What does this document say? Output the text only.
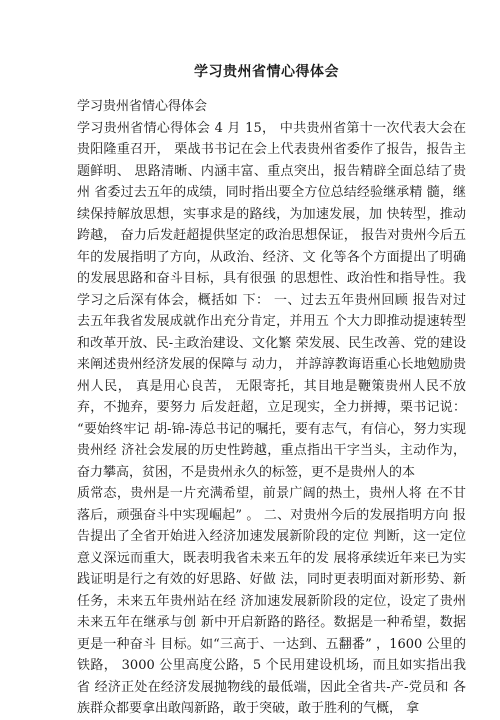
学习贵州省情心得体会

学习贵州省情心得体会

学习贵州省情心得体会 4 月 15， 中共贵州省第十一次代表大会在贵阳隆重召开， 栗战书书记在会上代表贵州省委作了报告，报告主题鲜明、 思路清晰、内涵丰富、重点突出，报告精辟全面总结了贵州 省委过去五年的成绩，同时指出要全方位总结经验继承精 髓，继续保持解放思想，实事求是的路线，为加速发展，加 快转型，推动跨越， 奋力后发赶超提供坚定的政治思想保证， 报告对贵州今后五年的发展指明了方向，从政治、经济、文 化等各个方面提出了明确的发展思路和奋斗目标，具有很强 的思想性、政治性和指导性。我学习之后深有体会，概括如 下： 一、过去五年贵州回顾 报告对过去五年我省发展成就作出充分肯定，并用五 个大力即推动提速转型和改革开放、民-主政治建设、文化繁 荣发展、民生改善、党的建设来阐述贵州经济发展的保障与 动力， 并諄諄教诲语重心长地勉励贵州人民， 真是用心良苦， 无限寄托，其目地是鞭策贵州人民不放弃，不抛弃，要努力 后发赶超，立足现实，全力拼搏，栗书记说： “要始终牢记 胡-锦-涛总书记的嘱托，要有志气，有信心，努力实现贵州经 济社会发展的历史性跨越，重点指出干字当头，主动作为， 奋力攀高，贫困，不是贵州永久的标签，更不是贵州人的本

质常态，贵州是一片充满希望，前景广阔的热土，贵州人将 在不甘落后，顽强奋斗中实现崛起” 。 二、对贵州今后的发展指明方向 报告提出了全省开始进入经济加速发展新阶段的定位 判断，这一定位意义深远而重大，既表明我省未来五年的发 展将承续近年来已为实践证明是行之有效的好思路、好做 法，同时更表明面对新形势、新任务，未来五年贵州站在经 济加速发展新阶段的定位，设定了贵州未来五年在继承与创 新中开启新路的路径。数据是一种希望，数据更是一种奋斗 目标。如“三高于、一达到、五翻番” ，1600 公里的铁路， 3000 公里高度公路，5 个民用建设机场，而且如实指出我省 经济正处在经济发展抛物线的最低端，因此全省共-产-党员和 各族群众都要拿出敢闯新路，敢于突破，敢于胜利的气概， 拿
